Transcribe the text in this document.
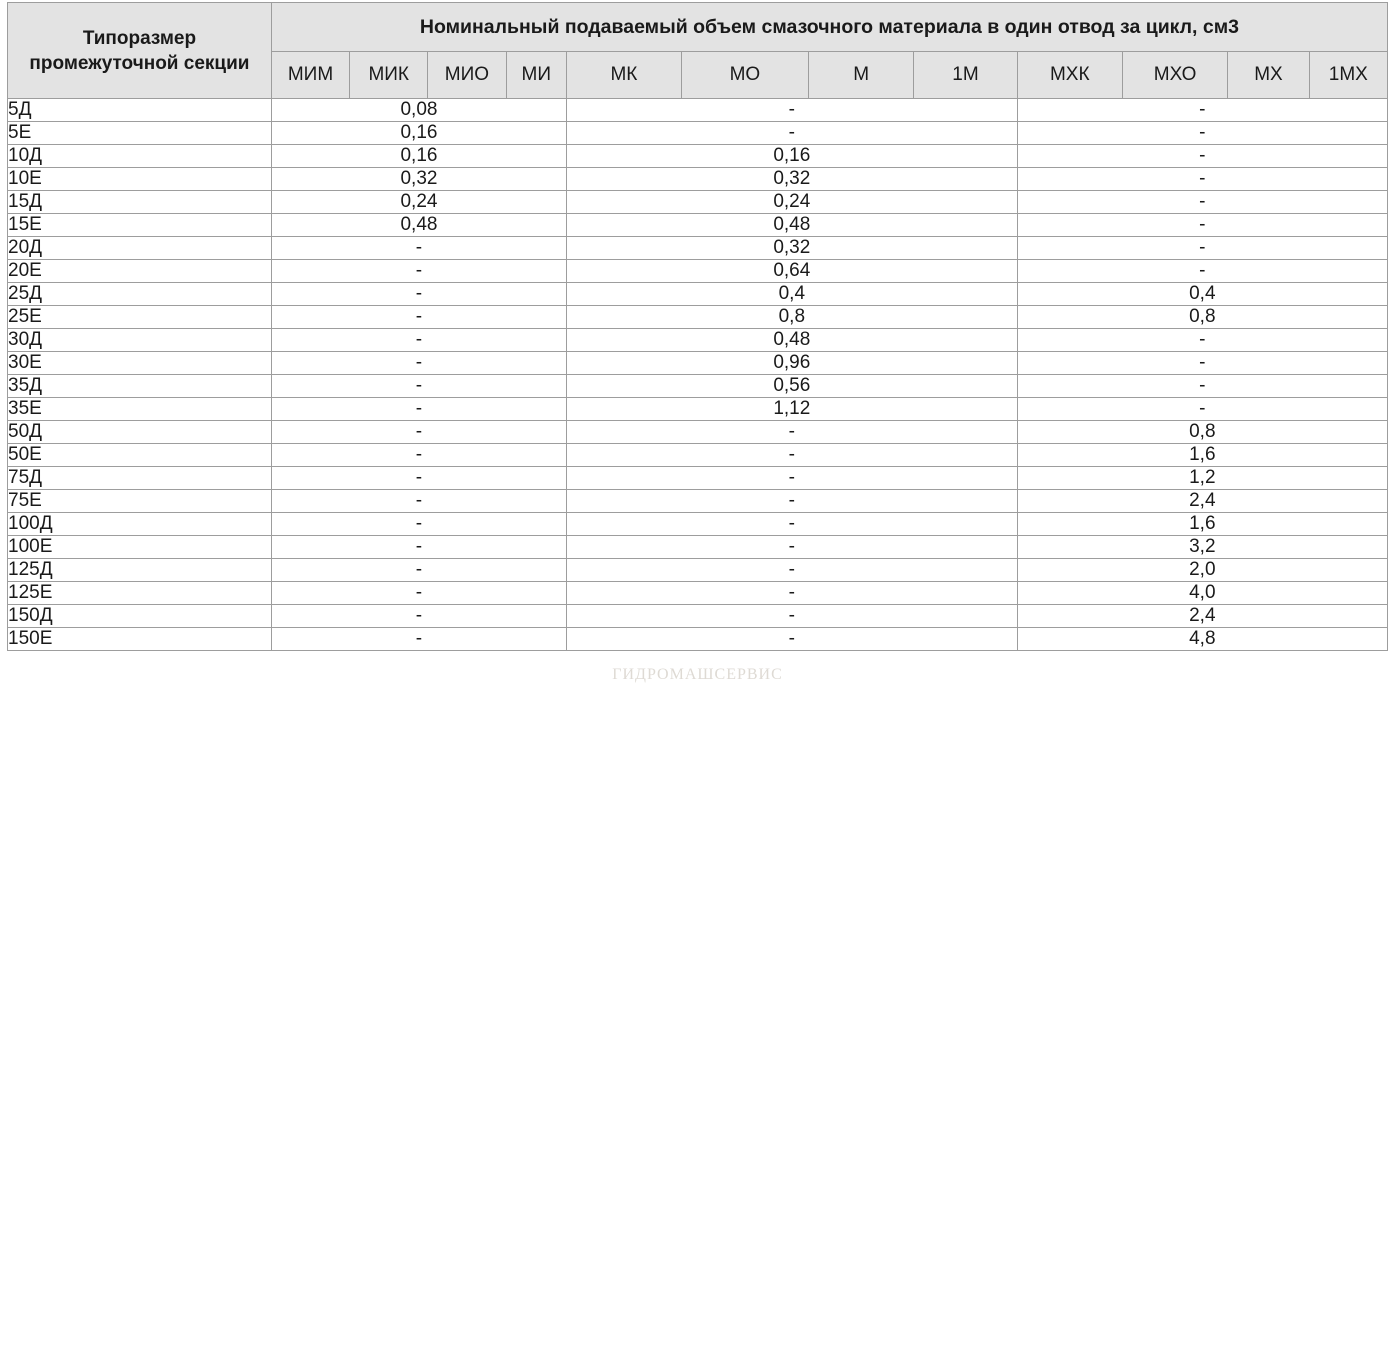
Типоразмер промежуточной секции	Номинальный подаваемый объем смазочного материала в один отвод за цикл, см3											
	МИМ	МИК	МИО	МИ	МК	МО	М	1М	МХК	МХО	МХ	1МХ
5Д	0,08				-				-			
5Е	0,16				-				-			
10Д	0,16				0,16				-			
10Е	0,32				0,32				-			
15Д	0,24				0,24				-			
15Е	0,48				0,48				-			
20Д	-				0,32				-			
20Е	-				0,64				-			
25Д	-				0,4				0,4			
25Е	-				0,8				0,8			
30Д	-				0,48				-			
30Е	-				0,96				-			
35Д	-				0,56				-			
35Е	-				1,12				-			
50Д	-				-				0,8			
50Е	-				-				1,6			
75Д	-				-				1,2			
75Е	-				-				2,4			
100Д	-				-				1,6			
100Е	-				-				3,2			
125Д	-				-				2,0			
125Е	-				-				4,0			
150Д	-				-				2,4			
150Е	-				-				4,8			
ГИДРОМАШСЕРВИС
